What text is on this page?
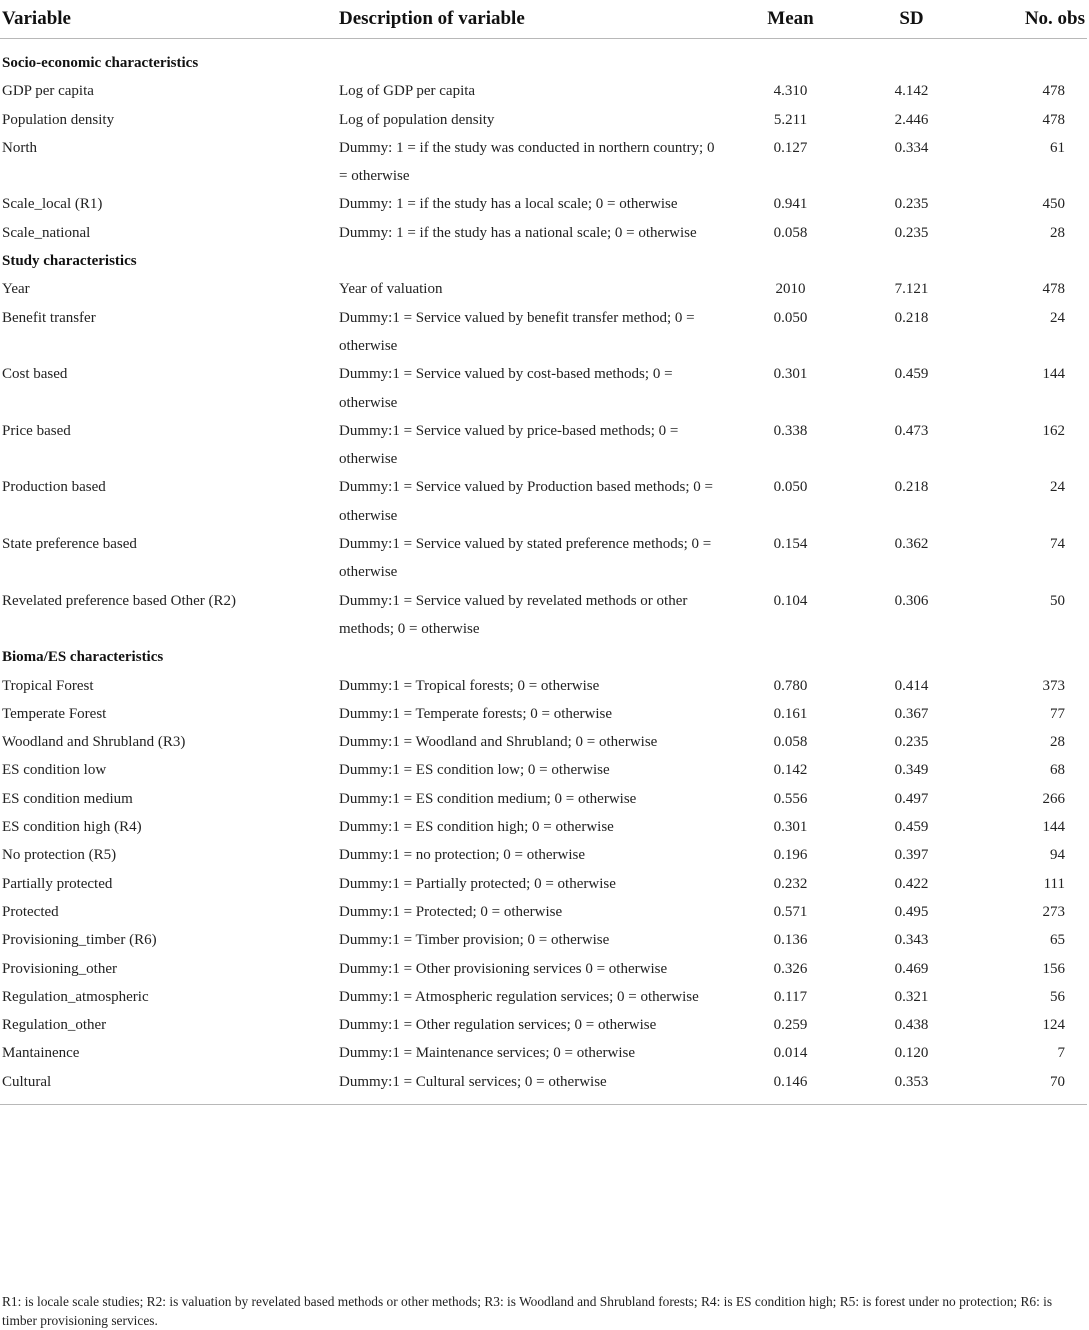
Variable	Description of variable	Mean	SD	No. obs
Socio-economic characteristics				
GDP per capita	Log of GDP per capita	4.310	4.142	478
Population density	Log of population density	5.211	2.446	478
North	Dummy: 1 = if the study was conducted in northern country; 0 = otherwise	0.127	0.334	61
Scale_local (R1)	Dummy: 1 = if the study has a local scale; 0 = otherwise	0.941	0.235	450
Scale_national	Dummy: 1 = if the study has a national scale; 0 = otherwise	0.058	0.235	28
Study characteristics				
Year	Year of valuation	2010	7.121	478
Benefit transfer	Dummy:1 = Service valued by benefit transfer method; 0 = otherwise	0.050	0.218	24
Cost based	Dummy:1 = Service valued by cost-based methods; 0 = otherwise	0.301	0.459	144
Price based	Dummy:1 = Service valued by price-based methods; 0 = otherwise	0.338	0.473	162
Production based	Dummy:1 = Service valued by Production based methods; 0 = otherwise	0.050	0.218	24
State preference based	Dummy:1 = Service valued by stated preference methods; 0 = otherwise	0.154	0.362	74
Revelated preference based Other (R2)	Dummy:1 = Service valued by revelated methods or other methods; 0 = otherwise	0.104	0.306	50
Bioma/ES characteristics				
Tropical Forest	Dummy:1 = Tropical forests; 0 = otherwise	0.780	0.414	373
Temperate Forest	Dummy:1 = Temperate forests; 0 = otherwise	0.161	0.367	77
Woodland and Shrubland (R3)	Dummy:1 = Woodland and Shrubland; 0 = otherwise	0.058	0.235	28
ES condition low	Dummy:1 = ES condition low; 0 = otherwise	0.142	0.349	68
ES condition medium	Dummy:1 = ES condition medium; 0 = otherwise	0.556	0.497	266
ES condition high (R4)	Dummy:1 = ES condition high; 0 = otherwise	0.301	0.459	144
No protection (R5)	Dummy:1 = no protection; 0 = otherwise	0.196	0.397	94
Partially protected	Dummy:1 = Partially protected; 0 = otherwise	0.232	0.422	111
Protected	Dummy:1 = Protected; 0 = otherwise	0.571	0.495	273
Provisioning_timber (R6)	Dummy:1 = Timber provision; 0 = otherwise	0.136	0.343	65
Provisioning_other	Dummy:1 = Other provisioning services 0 = otherwise	0.326	0.469	156
Regulation_atmospheric	Dummy:1 = Atmospheric regulation services; 0 = otherwise	0.117	0.321	56
Regulation_other	Dummy:1 = Other regulation services; 0 = otherwise	0.259	0.438	124
Mantainence	Dummy:1 = Maintenance services; 0 = otherwise	0.014	0.120	7
Cultural	Dummy:1 = Cultural services; 0 = otherwise	0.146	0.353	70
R1: is locale scale studies; R2: is valuation by revelated based methods or other methods; R3: is Woodland and Shrubland forests; R4: is ES condition high; R5: is forest under no protection; R6: is timber provisioning services.
